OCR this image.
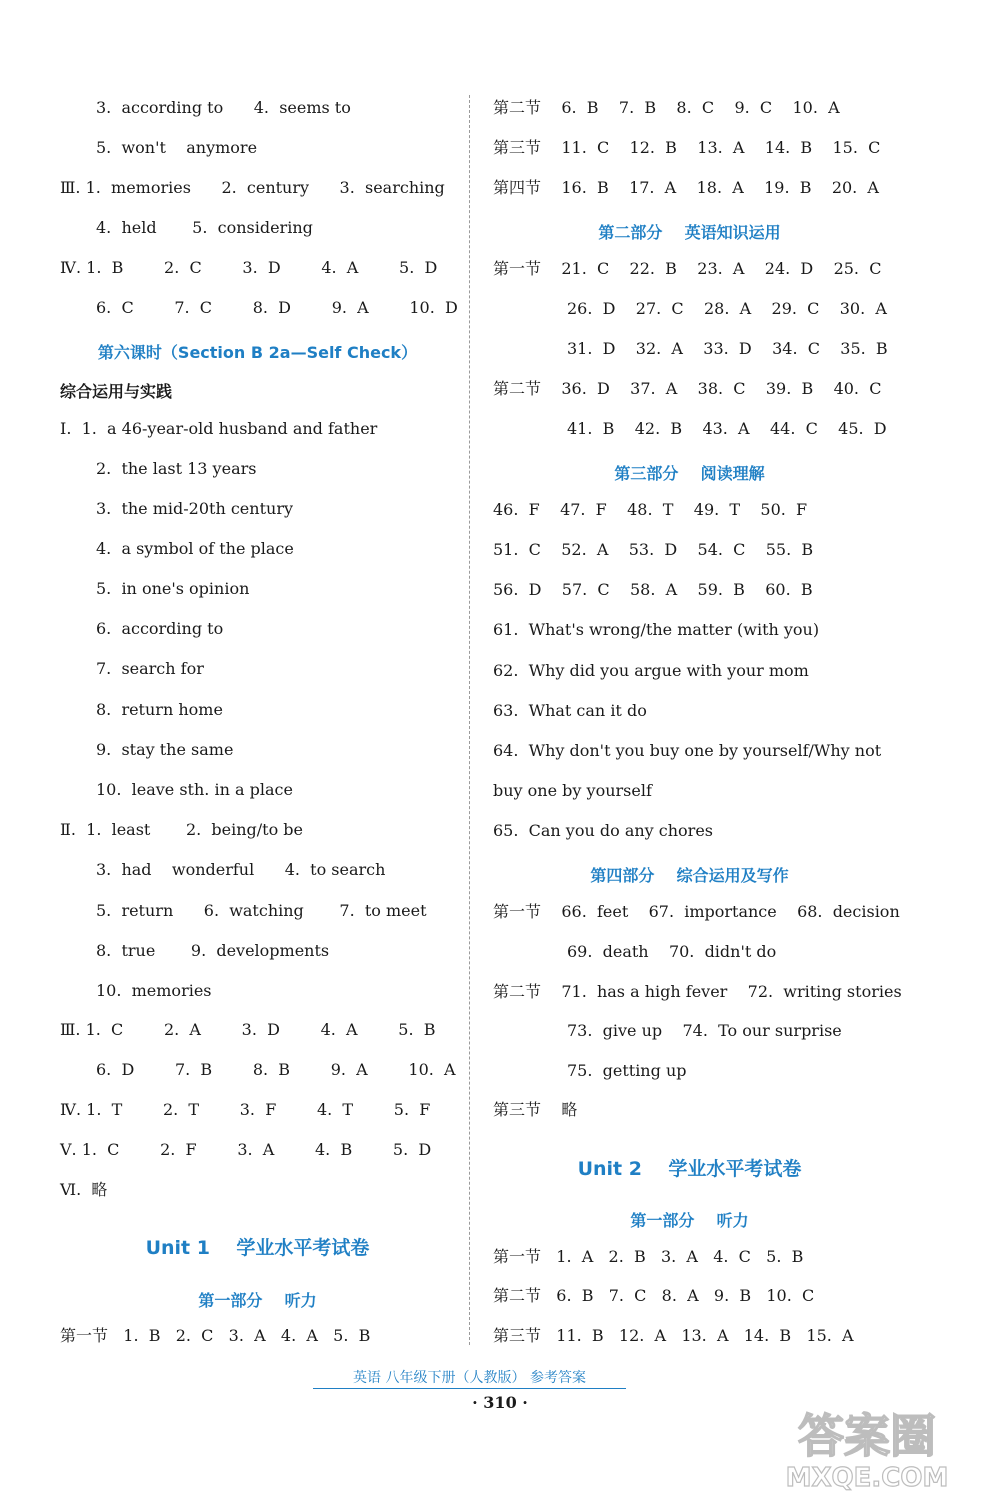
3.  according to      4.  seems to
5.  won't    anymore
Ⅲ. 1.  memories      2.  century      3.  searching
4.  held       5.  considering
Ⅳ. 1.  B        2.  C        3.  D        4.  A        5.  D
6.  C        7.  C        8.  D        9.  A        10.  D
Ⅰ.  1.  a 46-year-old husband and father
2.  the last 13 years
3.  the mid-20th century
4.  a symbol of the place
5.  in one's opinion
6.  according to
7.  search for
8.  return home
9.  stay the same
10.  leave sth. in a place
Ⅱ.  1.  least       2.  being/to be
3.  had    wonderful      4.  to search
5.  return      6.  watching       7.  to meet
8.  true       9.  developments
10.  memories
Ⅲ. 1.  C        2.  A        3.  D        4.  A        5.  B
6.  D        7.  B        8.  B        9.  A        10.  A
Ⅳ. 1.  T        2.  T        3.  F        4.  T        5.  F
Ⅴ. 1.  C        2.  F        3.  A        4.  B        5.  D
Ⅵ.  略
第一节   1.  B   2.  C   3.  A   4.  A   5.  B
第六课时（Section B 2a—Self Check）
Unit 1    学业水平考试卷
第一部分    听力
综合运用与实践
第二节    6.  B    7.  B    8.  C    9.  C    10.  A
第三节    11.  C    12.  B    13.  A    14.  B    15.  C
第四节    16.  B    17.  A    18.  A    19.  B    20.  A
第一节    21.  C    22.  B    23.  A    24.  D    25.  C
26.  D    27.  C    28.  A    29.  C    30.  A
31.  D    32.  A    33.  D    34.  C    35.  B
第二节    36.  D    37.  A    38.  C    39.  B    40.  C
41.  B    42.  B    43.  A    44.  C    45.  D
46.  F    47.  F    48.  T    49.  T    50.  F
51.  C    52.  A    53.  D    54.  C    55.  B
56.  D    57.  C    58.  A    59.  B    60.  B
61.  What's wrong/the matter (with you)
62.  Why did you argue with your mom
63.  What can it do
64.  Why don't you buy one by yourself/Why not
buy one by yourself
65.  Can you do any chores
第一节    66.  feet    67.  importance    68.  decision
69.  death    70.  didn't do
第二节    71.  has a high fever    72.  writing stories
73.  give up    74.  To our surprise
75.  getting up
第三节    略
第一节   1.  A   2.  B   3.  A   4.  C   5.  B
第二节   6.  B   7.  C   8.  A   9.  B   10.  C
第三节   11.  B   12.  A   13.  A   14.  B   15.  A
第二部分    英语知识运用
第三部分    阅读理解
第四部分    综合运用及写作
Unit 2    学业水平考试卷
第一部分    听力
英语 八年级下册（人教版） 参考答案
· 310 ·
答案圈
MXQE.COM
